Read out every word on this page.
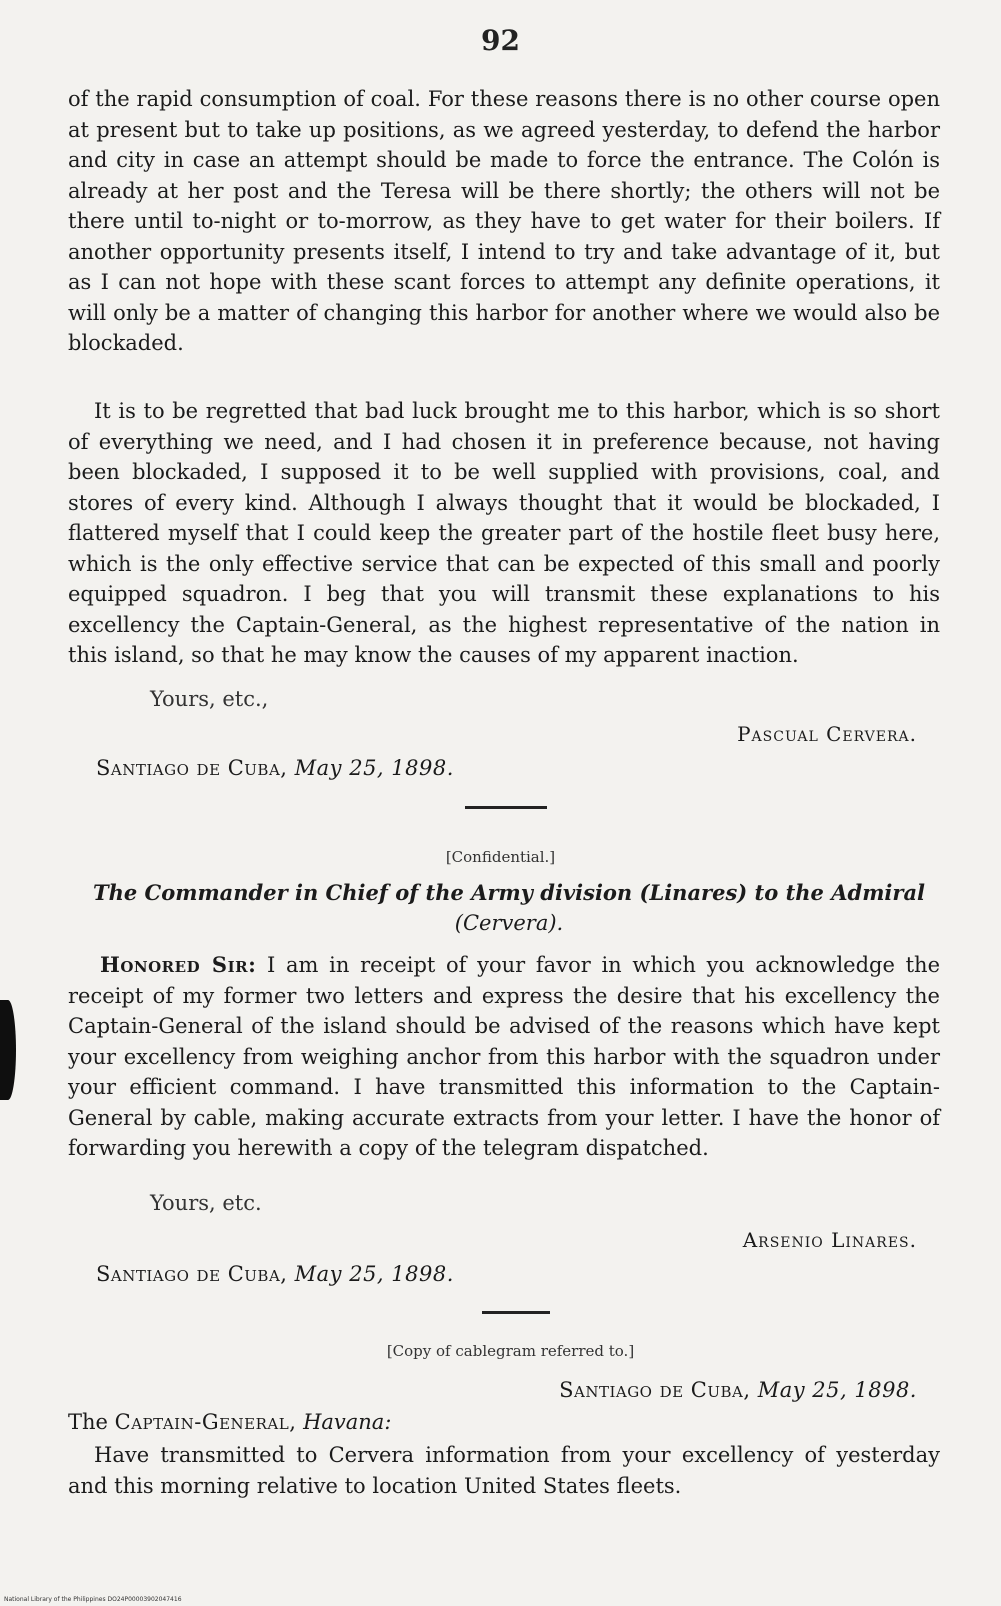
92
of the rapid consumption of coal. For these reasons there is no other course open at present but to take up positions, as we agreed yesterday, to defend the harbor and city in case an attempt should be made to force the entrance. The Colón is already at her post and the Teresa will be there shortly; the others will not be there until to-night or to-morrow, as they have to get water for their boilers. If another opportunity presents itself, I intend to try and take advantage of it, but as I can not hope with these scant forces to attempt any definite operations, it will only be a matter of changing this harbor for another where we would also be blockaded.
It is to be regretted that bad luck brought me to this harbor, which is so short of everything we need, and I had chosen it in preference because, not having been blockaded, I supposed it to be well supplied with provisions, coal, and stores of every kind. Although I always thought that it would be blockaded, I flattered myself that I could keep the greater part of the hostile fleet busy here, which is the only effective service that can be expected of this small and poorly equipped squadron. I beg that you will transmit these explanations to his excellency the Captain-General, as the highest representative of the nation in this island, so that he may know the causes of my apparent inaction.
Yours, etc.,
Pascual Cervera.
Santiago de Cuba, May 25, 1898.
[Confidential.]
The Commander in Chief of the Army division (Linares) to the Admiral
(Cervera).
Honored Sir: I am in receipt of your favor in which you acknowledge the receipt of my former two letters and express the desire that his excellency the Captain-General of the island should be advised of the reasons which have kept your excellency from weighing anchor from this harbor with the squadron under your efficient command. I have transmitted this information to the Captain-General by cable, making accurate extracts from your letter. I have the honor of forwarding you herewith a copy of the telegram dispatched.
Yours, etc.
Arsenio Linares.
Santiago de Cuba, May 25, 1898.
[Copy of cablegram referred to.]
Santiago de Cuba, May 25, 1898.
The Captain-General, Havana:
Have transmitted to Cervera information from your excellency of yesterday and this morning relative to location United States fleets.
National Library of the Philippines DO24P00003902047416
